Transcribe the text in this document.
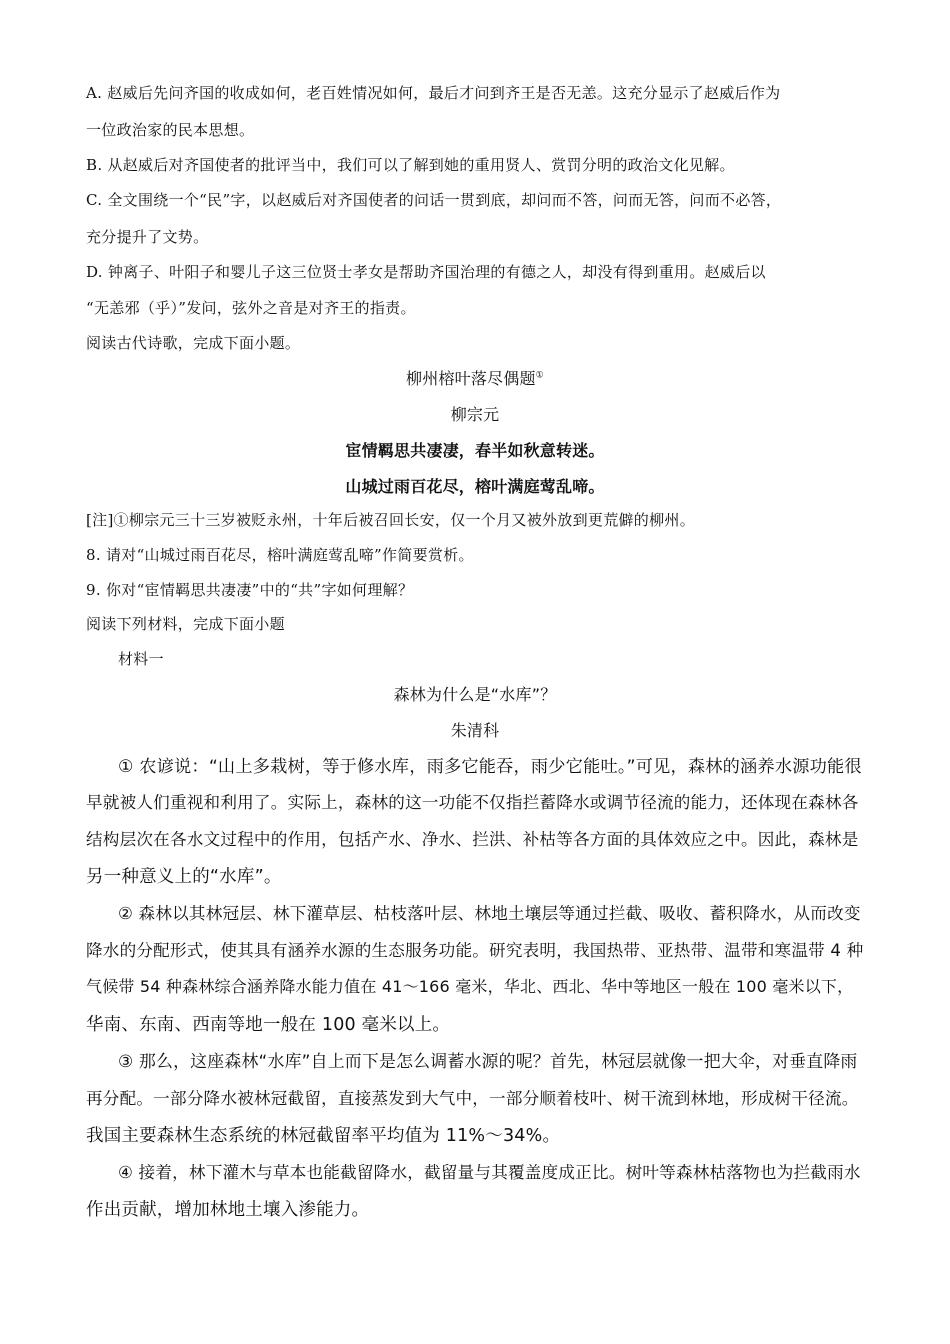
A. 赵威后先问齐国的收成如何，老百姓情况如何，最后才问到齐王是否无恙。这充分显示了赵威后作为
一位政治家的民本思想。
B. 从赵威后对齐国使者的批评当中，我们可以了解到她的重用贤人、赏罚分明的政治文化见解。
C. 全文围绕一个“民”字，以赵威后对齐国使者的问话一贯到底，却问而不答，问而无答，问而不必答，
充分提升了文势。
D. 钟离子、叶阳子和婴儿子这三位贤士孝女是帮助齐国治理的有德之人，却没有得到重用。赵威后以
“无恙邪（乎）”发问，弦外之音是对齐王的指责。
阅读古代诗歌，完成下面小题。
柳州榕叶落尽偶题①
柳宗元
宦情羁思共凄凄，春半如秋意转迷。
山城过雨百花尽，榕叶满庭莺乱啼。
[注]①柳宗元三十三岁被贬永州，十年后被召回长安，仅一个月又被外放到更荒僻的柳州。
8. 请对“山城过雨百花尽，榕叶满庭莺乱啼”作简要赏析。
9. 你对“宦情羁思共凄凄”中的“共”字如何理解？
阅读下列材料，完成下面小题
材料一
森林为什么是“水库”？
朱清科
① 农谚说：“山上多栽树，等于修水库，雨多它能吞，雨少它能吐。”可见，森林的涵养水源功能很
早就被人们重视和利用了。实际上，森林的这一功能不仅指拦蓄降水或调节径流的能力，还体现在森林各
结构层次在各水文过程中的作用，包括产水、净水、拦洪、补枯等各方面的具体效应之中。因此，森林是
另一种意义上的“水库”。
② 森林以其林冠层、林下灌草层、枯枝落叶层、林地土壤层等通过拦截、吸收、蓄积降水，从而改变
降水的分配形式，使其具有涵养水源的生态服务功能。研究表明，我国热带、亚热带、温带和寒温带 4 种
气候带 54 种森林综合涵养降水能力值在 41～166 毫米，华北、西北、华中等地区一般在 100 毫米以下，
华南、东南、西南等地一般在 100 毫米以上。
③ 那么，这座森林“水库”自上而下是怎么调蓄水源的呢？首先，林冠层就像一把大伞，对垂直降雨
再分配。一部分降水被林冠截留，直接蒸发到大气中，一部分顺着枝叶、树干流到林地，形成树干径流。
我国主要森林生态系统的林冠截留率平均值为 11%～34%。
④ 接着，林下灌木与草本也能截留降水，截留量与其覆盖度成正比。树叶等森林枯落物也为拦截雨水
作出贡献，增加林地土壤入渗能力。
